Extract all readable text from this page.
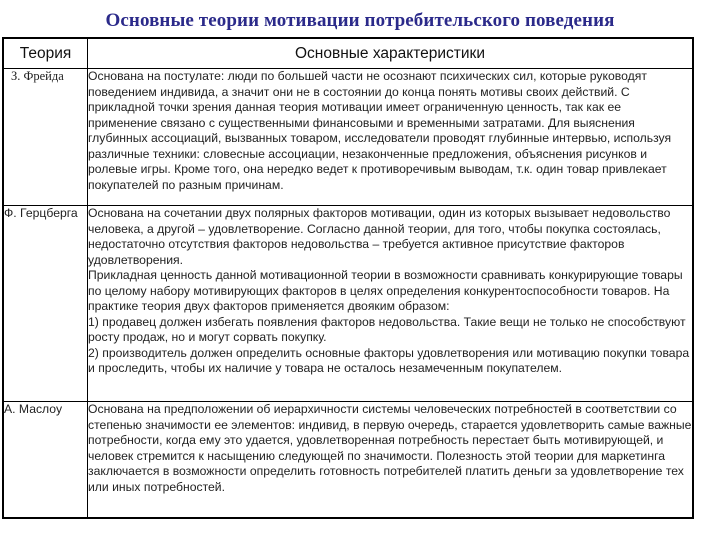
Основные теории мотивации потребительского поведения
Теория	Основные характеристики

З. Фрейда	Основана на постулате: люди по большей части не осознают психических сил, которые руководят поведением индивида, а значит они не в состоянии до конца понять мотивы своих действий. С прикладной точки зрения данная теория мотивации имеет ограниченную ценность, так как ее применение связано с существенными финансовыми и временными затратами. Для выяснения глубинных ассоциаций, вызванных товаром, исследователи проводят глубинные интервью, используя различные техники: словесные ассоциации, незаконченные предложения, объяснения рисунков и ролевые игры. Кроме того, она нередко ведет к противоречивым выводам, т.к. один товар привлекает покупателей по разным причинам.

Ф. Герцберга	Основана на сочетании двух полярных факторов мотивации, один из которых вызывает недовольство человека, а другой – удовлетворение. Согласно данной теории, для того, чтобы покупка состоялась, недостаточно отсутствия факторов недовольства – требуется активное присутствие факторов удовлетворения.

Прикладная ценность данной мотивационной теории в возможности сравнивать конкурирующие товары по целому набору мотивирующих факторов в целях определения конкурентоспособности товаров. На практике теория двух факторов применяется двояким образом:

1) продавец должен избегать появления факторов недовольства. Такие вещи не только не способствуют росту продаж, но и могут сорвать покупку.

2) производитель должен определить основные факторы удовлетворения или мотивацию покупки товара и проследить, чтобы их наличие у товара не осталось незамеченным покупателем.

А. Маслоу	Основана на предположении об иерархичности системы человеческих потребностей в соответствии со степенью значимости ее элементов: индивид, в первую очередь, старается удовлетворить самые важные потребности, когда ему это удается, удовлетворенная потребность перестает быть мотивирующей, и человек стремится к насыщению следующей по значимости. Полезность этой теории для маркетинга заключается в возможности определить готовность потребителей платить деньги за удовлетворение тех или иных потребностей.
